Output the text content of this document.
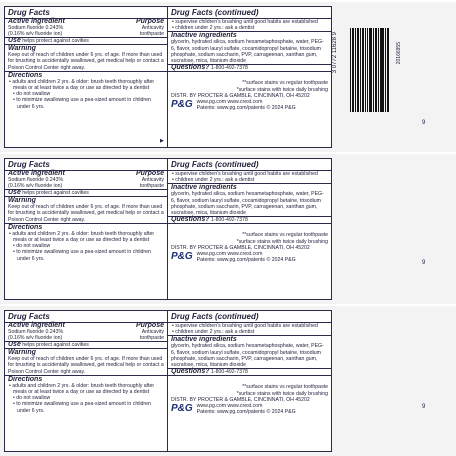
Drug Facts
Active ingredient	Purpose
Sodium fluoride 0.243%	Anticavity
(0.16% w/v fluoride ion)	toothpaste
Use helps protect against cavities
Warning
Keep out of reach of children under 6 yrs. of age. If more than used for brushing is accidentally swallowed, get medical help or contact a Poison Control Center right away.
Directions
• adults and children 2 yrs. & older: brush teeth thoroughly after meals or at least twice a day or use as directed by a dentist
• do not swallow
• to minimize swallowing use a pea-sized amount in children under 6 yrs.
Drug Facts (continued)
• supervise children's brushing until good habits are established
• children under 2 yrs.: ask a dentist
Inactive ingredients
glycerin, hydrated silica, sodium hexametaphosphate, water, PEG-6, flavor, sodium lauryl sulfate, cocamidopropyl betaine, trisodium phosphate, sodium saccharin, PVP, carrageenan, xanthan gum, sucralose, mica, titanium dioxide
Questions? 1-800-492-7378
**surface stains vs regular toothpaste
*surface stains with twice daily brushing
DISTR. BY PROCTER & GAMBLE, CINCINNATI, OH 45202
P&G www.pg.com www.crest.com
Patents: www.pg.com/patents © 2024 P&G
▶
3 0772 11628 9	20166955
9
Drug Facts
Active ingredient	Purpose
Sodium fluoride 0.243%	Anticavity
(0.16% w/v fluoride ion)	toothpaste
Use helps protect against cavities
Warning
Keep out of reach of children under 6 yrs. of age. If more than used for brushing is accidentally swallowed, get medical help or contact a Poison Control Center right away.
Directions
• adults and children 2 yrs. & older: brush teeth thoroughly after meals or at least twice a day or use as directed by a dentist
• do not swallow
• to minimize swallowing use a pea-sized amount in children under 6 yrs.
Drug Facts (continued)
• supervise children's brushing until good habits are established
• children under 2 yrs.: ask a dentist
Inactive ingredients
glycerin, hydrated silica, sodium hexametaphosphate, water, PEG-6, flavor, sodium lauryl sulfate, cocamidopropyl betaine, trisodium phosphate, sodium saccharin, PVP, carrageenan, xanthan gum, sucralose, mica, titanium dioxide
Questions? 1-800-492-7378
**surface stains vs regular toothpaste
*surface stains with twice daily brushing
DISTR. BY PROCTER & GAMBLE, CINCINNATI, OH 45202
P&G www.pg.com www.crest.com
Patents: www.pg.com/patents © 2024 P&G	9
Drug Facts
Active ingredient	Purpose
Sodium fluoride 0.243%	Anticavity
(0.16% w/v fluoride ion)	toothpaste
Use helps protect against cavities
Warning
Keep out of reach of children under 6 yrs. of age. If more than used for brushing is accidentally swallowed, get medical help or contact a Poison Control Center right away.
Directions
• adults and children 2 yrs. & older: brush teeth thoroughly after meals or at least twice a day or use as directed by a dentist
• do not swallow
• to minimize swallowing use a pea-sized amount in children under 6 yrs.
Drug Facts (continued)
• supervise children's brushing until good habits are established
• children under 2 yrs.: ask a dentist
Inactive ingredients
glycerin, hydrated silica, sodium hexametaphosphate, water, PEG-6, flavor, sodium lauryl sulfate, cocamidopropyl betaine, trisodium phosphate, sodium saccharin, PVP, carrageenan, xanthan gum, sucralose, mica, titanium dioxide
Questions? 1-800-492-7378
**surface stains vs regular toothpaste
*surface stains with twice daily brushing
DISTR. BY PROCTER & GAMBLE, CINCINNATI, OH 45202
P&G www.pg.com www.crest.com
Patents: www.pg.com/patents © 2024 P&G
9
